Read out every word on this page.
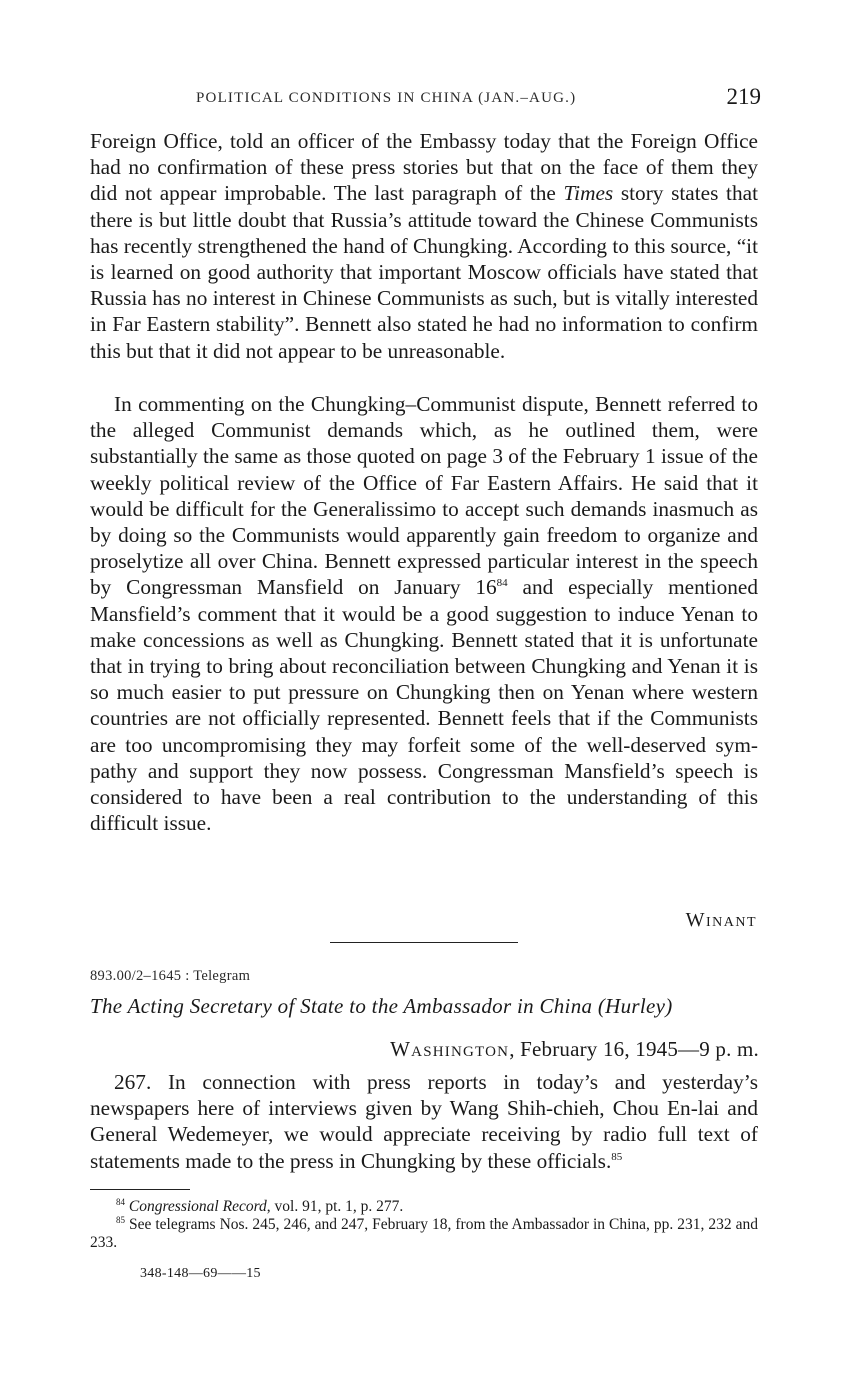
POLITICAL CONDITIONS IN CHINA (JAN.–AUG.)	219

Foreign Office, told an officer of the Embassy today that the Foreign Office had no confirmation of these press stories but that on the face of them they did not appear improbable. The last paragraph of the Times story states that there is but little doubt that Russia’s attitude toward the Chinese Communists has recently strengthened the hand of Chungking. According to this source, “it is learned on good authority that important Moscow officials have stated that Russia has no interest in Chinese Communists as such, but is vitally interested in Far Eastern stability”. Bennett also stated he had no information to confirm this but that it did not appear to be unreasonable.

In commenting on the Chungking–Communist dispute, Bennett referred to the alleged Communist demands which, as he outlined them, were substantially the same as those quoted on page 3 of the February 1 issue of the weekly political review of the Office of Far Eastern Affairs. He said that it would be difficult for the Generalissimo to accept such demands inasmuch as by doing so the Communists would apparently gain freedom to organize and proselytize all over China. Bennett expressed particular interest in the speech by Congressman Mansfield on January 16$^{84}$ and especially mentioned Mansfield’s comment that it would be a good suggestion to induce Yenan to make concessions as well as Chungking. Bennett stated that it is unfortunate that in trying to bring about reconciliation between Chungking and Yenan it is so much easier to put pressure on Chungking then on Yenan where western countries are not officially represented. Bennett feels that if the Communists are too uncompromising they may forfeit some of the well-deserved sympathy and support they now possess. Congressman Mansfield’s speech is considered to have been a real contribution to the understanding of this difficult issue.

Winant
893.00/2–1645 : Telegram
The Acting Secretary of State to the Ambassador in China (Hurley)
Washington, February 16, 1945—9 p. m.

267. In connection with press reports in today’s and yesterday’s newspapers here of interviews given by Wang Shih-chieh, Chou En-lai and General Wedemeyer, we would appreciate receiving by radio full text of statements made to the press in Chungking by these officials.$^{85}$

$^{84}$ Congressional Record, vol. 91, pt. 1, p. 277.

$^{85}$ See telegrams Nos. 245, 246, and 247, February 18, from the Ambassador in China, pp. 231, 232 and 233.

348-148—69——15
